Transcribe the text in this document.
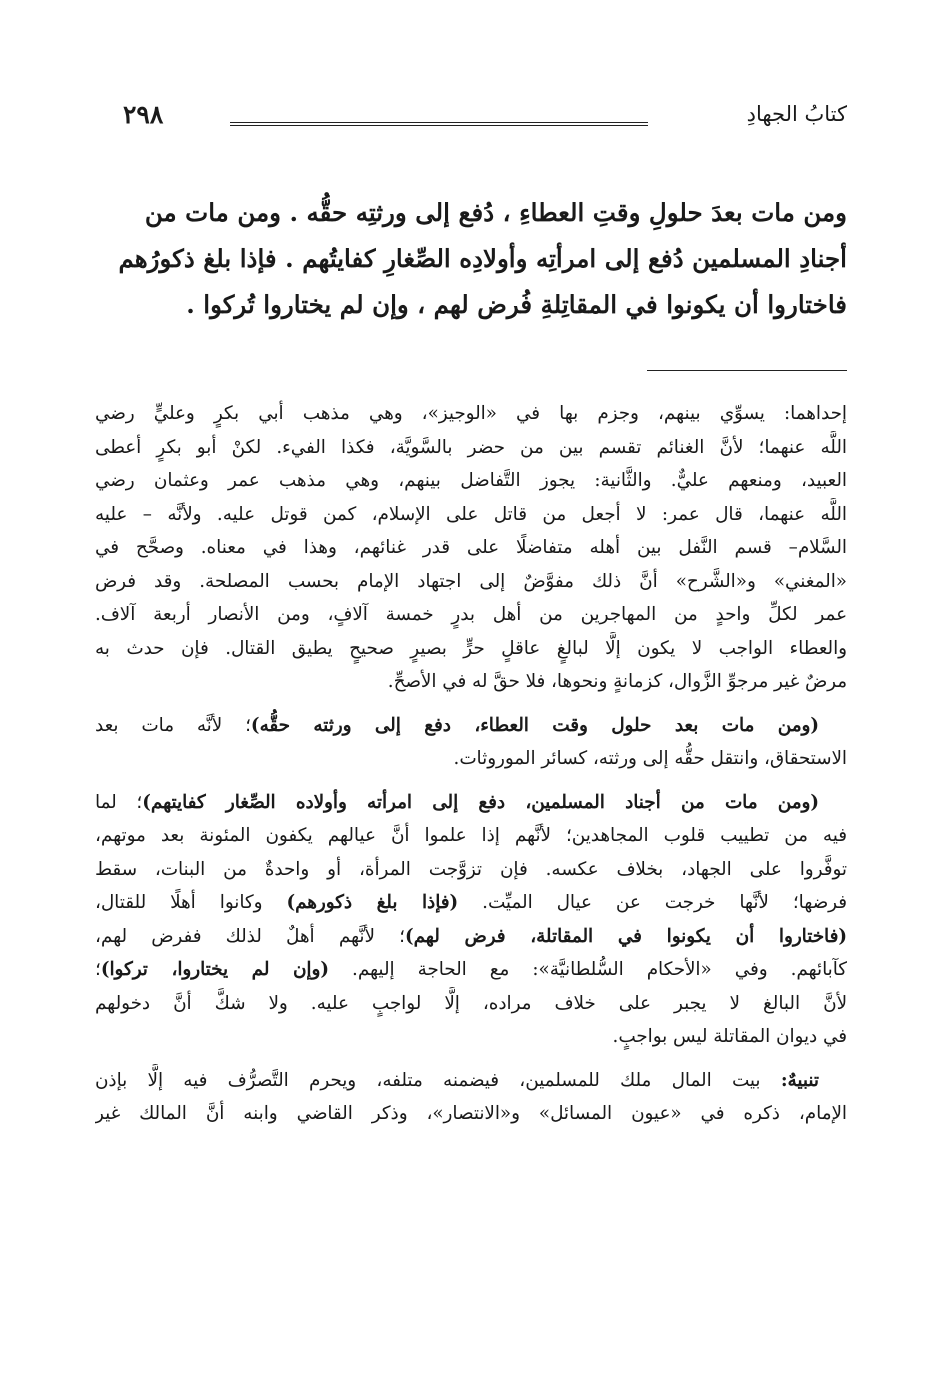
٢٩٨	كتابُ الجهادِ

ومن مات بعدَ حلولِ وقتِ العطاءِ ، دُفع إلى ورثتِه حقُّه . ومن مات من
أجنادِ المسلمين دُفع إلى امرأتِه وأولادِه الصِّغارِ كفايتُهم . فإذا بلغ ذكورُهم
فاختاروا أن يكونوا في المقاتِلةِ فُرض لهم ، وإن لم يختاروا تُركوا .

إحداهما: يسوِّي بينهم، وجزم بها في «الوجيز»، وهي مذهب أبي بكرٍ وعليٍّ رضي
اللَّه عنهما؛ لأنَّ الغنائم تقسم بين من حضر بالسَّويَّة، فكذا الفيء. لكنْ أبو بكرٍ أعطى
العبيد، ومنعهم عليٌّ. والثَّانية: يجوز التَّفاضل بينهم، وهي مذهب عمر وعثمان رضي
اللَّه عنهما، قال عمر: لا أجعل من قاتل على الإسلام، كمن قوتل عليه. ولأنَّه – عليه
السَّلام– قسم النَّفل بين أهله متفاضلًا على قدر غنائهم، وهذا في معناه. وصحَّح في
«المغني» و«الشَّرح» أنَّ ذلك مفوَّضٌ إلى اجتهاد الإمام بحسب المصلحة. وقد فرض
عمر لكلِّ واحدٍ من المهاجرين من أهل بدرٍ خمسة آلافٍ، ومن الأنصار أربعة آلاف.
والعطاء الواجب لا يكون إلَّا لبالغٍ عاقلٍ حرٍّ بصيرٍ صحيحٍ يطيق القتال. فإن حدث به
مرضٌ غير مرجوِّ الزَّوال، كزمانةٍ ونحوها، فلا حقَّ له في الأصحِّ.
(ومن مات بعد حلول وقت العطاء، دفع إلى ورثته حقُّه)؛ لأنَّه مات بعد
الاستحقاق، وانتقل حقُّه إلى ورثته، كسائر الموروثات.
(ومن مات من أجناد المسلمين، دفع إلى امرأته وأولاده الصِّغار كفايتهم)؛ لما
فيه من تطييب قلوب المجاهدين؛ لأنَّهم إذا علموا أنَّ عيالهم يكفون المئونة بعد موتهم،
توفَّروا على الجهاد، بخلاف عكسه. فإن تزوَّجت المرأة، أو واحدةٌ من البنات، سقط
فرضها؛ لأنَّها خرجت عن عيال الميِّت. (فإذا بلغ ذكورهم) وكانوا أهلًا للقتال،
(فاختاروا أن يكونوا في المقاتلة، فرض لهم)؛ لأنَّهم أهلٌ لذلك ففرض لهم،
كآبائهم. وفي «الأحكام السُّلطانيَّة»: مع الحاجة إليهم. (وإن لم يختاروا، تركوا)؛
لأنَّ البالغ لا يجبر على خلاف مراده، إلَّا لواجبٍ عليه. ولا شكَّ أنَّ دخولهم
في ديوان المقاتلة ليس بواجبٍ.
تنبيهٌ: بيت المال ملك للمسلمين، فيضمنه متلفه، ويحرم التَّصرُّف فيه إلَّا بإذن
الإمام، ذكره في «عيون المسائل» و«الانتصار»، وذكر القاضي وابنه أنَّ المالك غير
